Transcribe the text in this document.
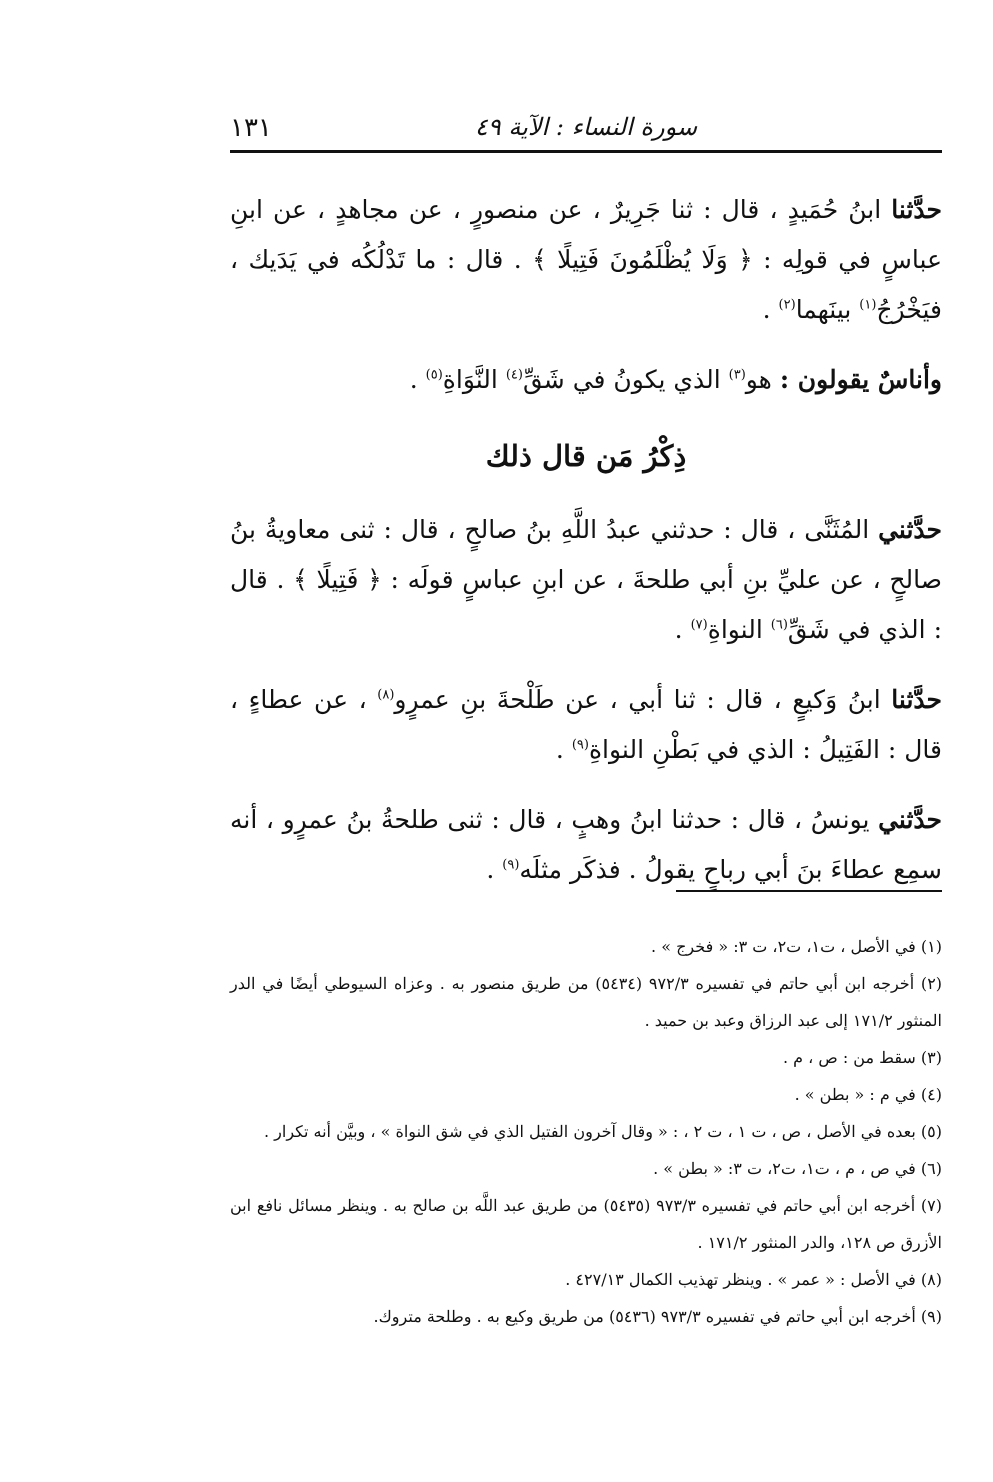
سورة النساء : الآية ٤٩
١٣١

حدَّثنا ابنُ حُمَيدٍ ، قال : ثنا جَرِيرٌ ، عن منصورٍ ، عن مجاهدٍ ، عن ابنِ عباسٍ في قولِه : ﴿ وَلَا يُظْلَمُونَ فَتِيلًا ﴾ . قال : ما تَدْلُكُه في يَدَيك ، فيَخْرُجُ$^{(١)}$ بينَهما$^{(٢)}$ .

وأناسٌ يقولون : هو$^{(٣)}$ الذي يكونُ في شَقِّ$^{(٤)}$ النَّوَاةِ$^{(٥)}$ .

ذِكْرُ مَن قال ذلك

حدَّثني المُثَنَّى ، قال : حدثني عبدُ اللَّهِ بنُ صالحٍ ، قال : ثنى معاويةُ بنُ صالحٍ ، عن عليِّ بنِ أبي طلحةَ ، عن ابنِ عباسٍ قولَه : ﴿ فَتِيلًا ﴾ . قال : الذي في شَقِّ$^{(٦)}$ النواةِ$^{(٧)}$ .

حدَّثنا ابنُ وَكيعٍ ، قال : ثنا أبي ، عن طَلْحةَ بنِ عمرٍو$^{(٨)}$ ، عن عطاءٍ ، قال : الفَتِيلُ : الذي في بَطْنِ النواةِ$^{(٩)}$ .

حدَّثني يونسُ ، قال : حدثنا ابنُ وهبٍ ، قال : ثنى طلحةُ بنُ عمرٍو ، أنه سمِع عطاءَ بنَ أبي رباحٍ يقولُ . فذكَر مثلَه$^{(٩)}$ .

(١) في الأصل ، ت١، ت٢، ت ٣: « فخرج » .

(٢) أخرجه ابن أبي حاتم في تفسيره ٩٧٢/٣ (٥٤٣٤) من طريق منصور به . وعزاه السيوطي أيضًا في الدر المنثور ١٧١/٢ إلى عبد الرزاق وعبد بن حميد .

(٣) سقط من : ص ، م .

(٤) في م : « بطن » .

(٥) بعده في الأصل ، ص ، ت ١ ، ت ٢ ، : « وقال آخرون الفتيل الذي في شق النواة » ، وبيَّن أنه تكرار .

(٦) في ص ، م ، ت١، ت٢، ت ٣: « بطن » .

(٧) أخرجه ابن أبي حاتم في تفسيره ٩٧٣/٣ (٥٤٣٥) من طريق عبد اللَّه بن صالح به . وينظر مسائل نافع ابن الأزرق ص ١٢٨، والدر المنثور ١٧١/٢ .

(٨) في الأصل : « عمر » . وينظر تهذيب الكمال ٤٢٧/١٣ .

(٩) أخرجه ابن أبي حاتم في تفسيره ٩٧٣/٣ (٥٤٣٦) من طريق وكيع به . وطلحة متروك.
